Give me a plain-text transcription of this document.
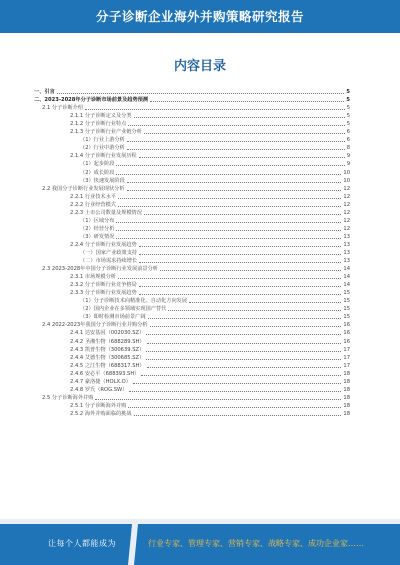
分子诊断企业海外并购策略研究报告
内容目录
一、引言	5
二、2023-2028年分子诊断市场前景及趋势预测	5
2.1 分子诊断介绍	5
2.1.1 分子诊断定义及分类	5
2.1.2 分子诊断行业特点	5
2.1.3 分子诊断行业产业链分析	6
（1）行业上游分析	6
（2）行业中游分析	8
2.1.4 分子诊断行业发展历程	9
（1）起步阶段	9
（2）成长阶段	10
（3）快速发展阶段	10
2.2 我国分子诊断行业发展现状分析	12
2.2.1 行业技术水平	12
2.2.2 行业经营模式	12
2.2.3 上市公司数量及规模情况	12
（1）区域分布	12
（2）经营分析	12
（3）研发情况	13
2.2.4 分子诊断行业发展趋势	13
（一）国家产业政策支持	13
（二）市场需求持续增长	13
2.3 2023-2028年中国分子诊断行业发展前景分析	14
2.3.1 市场规模分析	14
2.3.2 分子诊断行业竞争格局	14
2.3.3 分子诊断行业发展趋势	15
（1）分子诊断技术向精准化、自动化方向发展	15
（2）国内企业在多领域实现国产替代	15
（3）即时检测市场前景广阔	15
2.4 2022-2023年我国分子诊断行业并购分析	16
2.4.1 达安基因（002030.SZ）	16
2.4.2 圣湘生物（688289.SH）	16
2.4.3 凯普生物（300639.SZ）	17
2.4.4 艾德生物（300685.SZ）	17
2.4.5 之江生物（688317.SH）	17
2.4.6 安必平（688393.SH）	18
2.4.7 豪洛捷（HOLX.O）	18
2.4.8 罗氏（ROG.SW）	18
2.5 分子诊断海外并购	18
2.5.1 分子诊断海外并购	18
2.5.2 海外并购面临的挑战	18
让每个人都能成为	行业专家、管理专家、营销专家、战略专家、成功企业家……
